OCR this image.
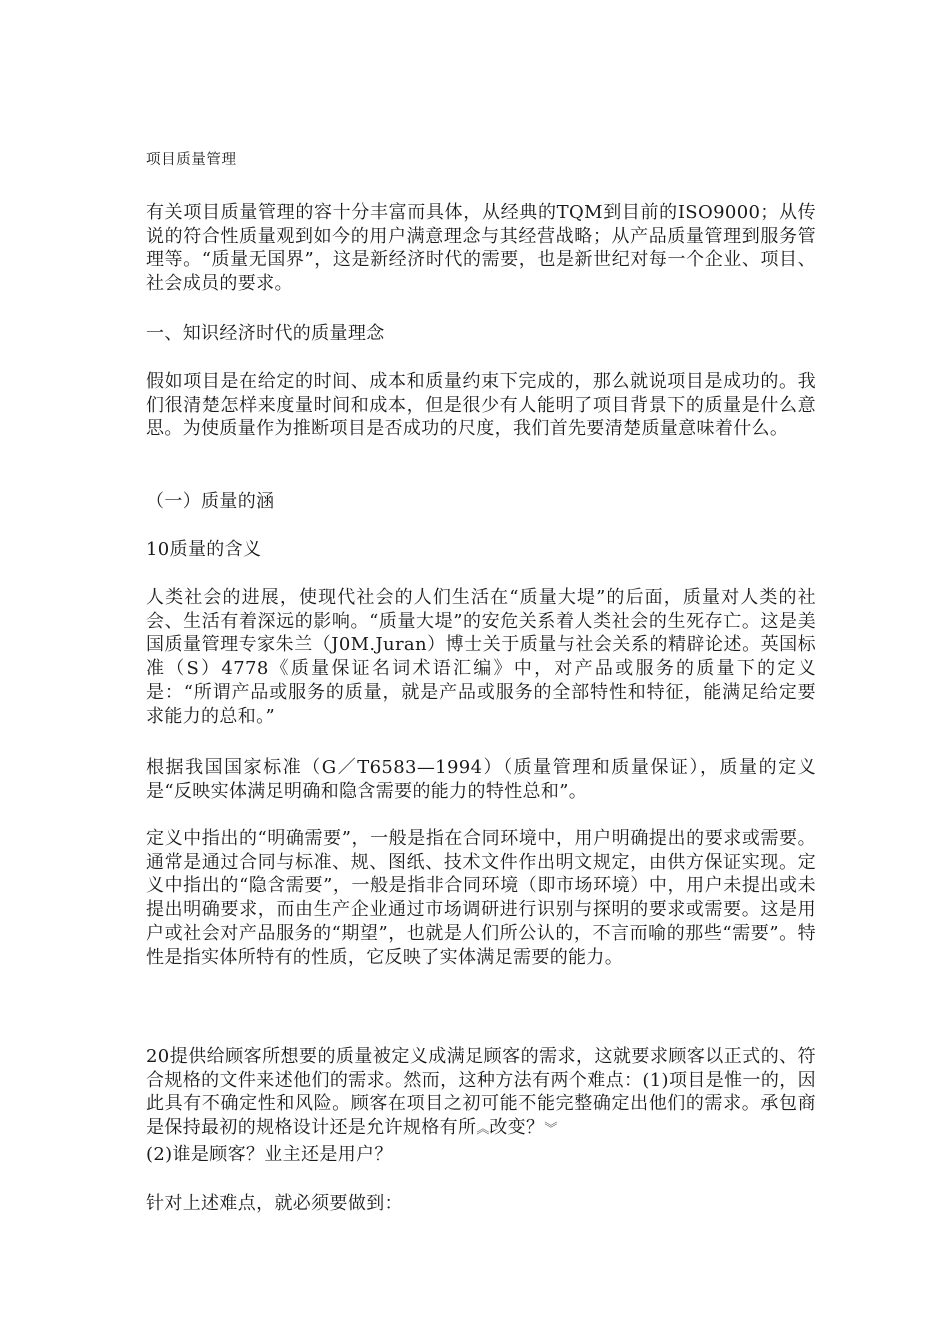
项目质量管理

有关项目质量管理的容十分丰富而具体，从经典的TQM到目前的ISO9000；从传说的符合性质量观到如今的用户满意理念与其经营战略；从产品质量管理到服务管理等。“质量无国界”，这是新经济时代的需要，也是新世纪对每一个企业、项目、社会成员的要求。

一、知识经济时代的质量理念

假如项目是在给定的时间、成本和质量约束下完成的，那么就说项目是成功的。我们很清楚怎样来度量时间和成本，但是很少有人能明了项目背景下的质量是什么意思。为使质量作为推断项目是否成功的尺度，我们首先要清楚质量意味着什么。

（一）质量的涵

10质量的含义

人类社会的进展，使现代社会的人们生活在“质量大堤”的后面，质量对人类的社会、生活有着深远的影响。“质量大堤”的安危关系着人类社会的生死存亡。这是美国质量管理专家朱兰（J0M.Juran）博士关于质量与社会关系的精辟论述。英国标准（S）4778《质量保证名词术语汇编》中，对产品或服务的质量下的定义是：“所谓产品或服务的质量，就是产品或服务的全部特性和特征，能满足给定要求能力的总和。”

根据我国国家标准（G／T6583—1994）（质量管理和质量保证），质量的定义是“反映实体满足明确和隐含需要的能力的特性总和”。

定义中指出的“明确需要”，一般是指在合同环境中，用户明确提出的要求或需要。通常是通过合同与标准、规、图纸、技术文件作出明文规定，由供方保证实现。定义中指出的“隐含需要”，一般是指非合同环境（即市场环境）中，用户未提出或未提出明确要求，而由生产企业通过市场调研进行识别与探明的要求或需要。这是用户或社会对产品服务的“期望”，也就是人们所公认的，不言而喻的那些“需要”。特性是指实体所特有的性质，它反映了实体满足需要的能力。

20提供给顾客所想要的质量被定义成满足顾客的需求，这就要求顾客以正式的、符合规格的文件来述他们的需求。然而，这种方法有两个难点：(1)项目是惟一的，因此具有不确定性和风险。顾客在项目之初可能不能完整确定出他们的需求。承包商是保持最初的规格设计还是允许规格有所︽改变？︾

(2)谁是顾客？业主还是用户？

针对上述难点，就必须要做到：
